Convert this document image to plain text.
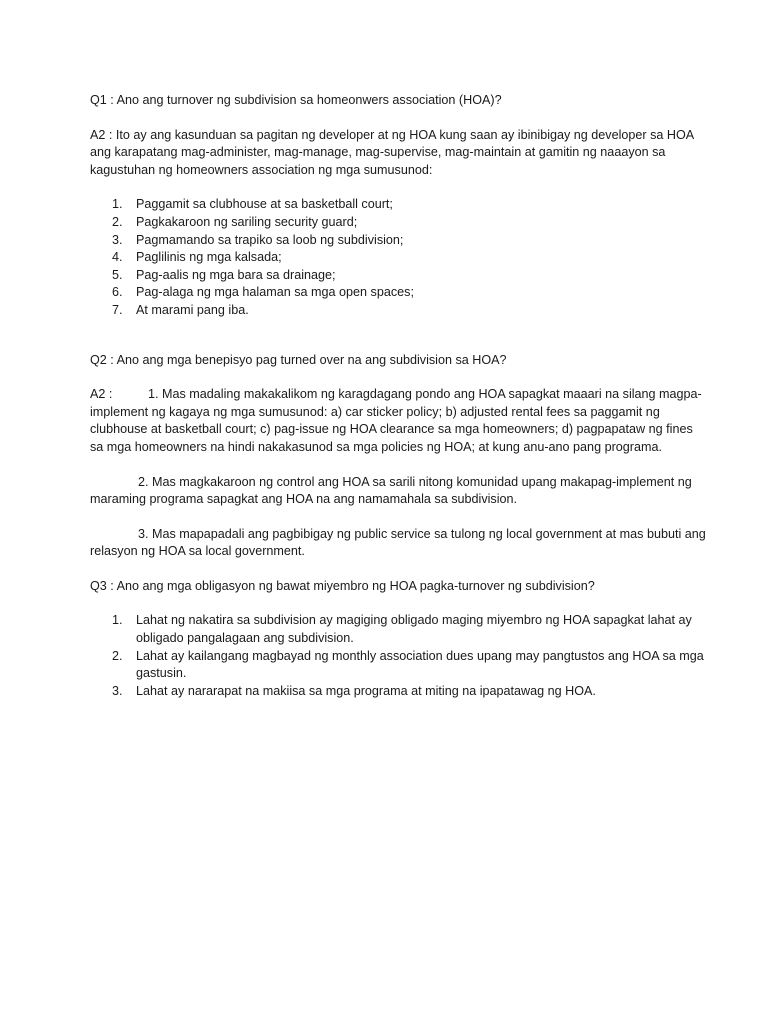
Q1 : Ano ang turnover ng subdivision sa homeonwers association (HOA)?

A2 : Ito ay ang kasunduan sa pagitan ng developer at ng HOA kung saan ay ibinibigay ng developer sa HOA ang karapatang mag-administer, mag-manage, mag-supervise, mag-maintain at gamitin ng naaayon sa kagustuhan ng homeowners association ng mga sumusunod:

1. Paggamit sa clubhouse at sa basketball court;
2. Pagkakaroon ng sariling security guard;
3. Pagmamando sa trapiko sa loob ng subdivision;
4. Paglilinis ng mga kalsada;
5. Pag-aalis ng mga bara sa drainage;
6. Pag-alaga ng mga halaman sa mga open spaces;
7. At marami pang iba.

Q2 : Ano ang mga benepisyo pag turned over na ang subdivision sa HOA?

A2 :	1. Mas madaling makakalikom ng karagdagang pondo ang HOA sapagkat maaari na silang magpa-implement ng kagaya ng mga sumusunod: a) car sticker policy; b) adjusted rental fees sa paggamit ng clubhouse at basketball court; c) pag-issue ng HOA clearance sa mga homeowners; d) pagpapataw ng fines sa mga homeowners na hindi nakakasunod sa mga policies ng HOA; at kung anu-ano pang programa.

2. Mas magkakaroon ng control ang HOA sa sarili nitong komunidad upang makapag-implement ng maraming programa sapagkat ang HOA na ang namamahala sa subdivision.

3. Mas mapapadali ang pagbibigay ng public service sa tulong ng local government at mas bubuti ang relasyon ng HOA sa local government.

Q3 : Ano ang mga obligasyon ng bawat miyembro ng HOA pagka-turnover ng subdivision?

1. Lahat ng nakatira sa subdivision ay magiging obligado maging miyembro ng HOA sapagkat lahat ay obligado pangalagaan ang subdivision.
2. Lahat ay kailangang magbayad ng monthly association dues upang may pangtustos ang HOA sa mga gastusin.
3. Lahat ay nararapat na makiisa sa mga programa at miting na ipapatawag ng HOA.
